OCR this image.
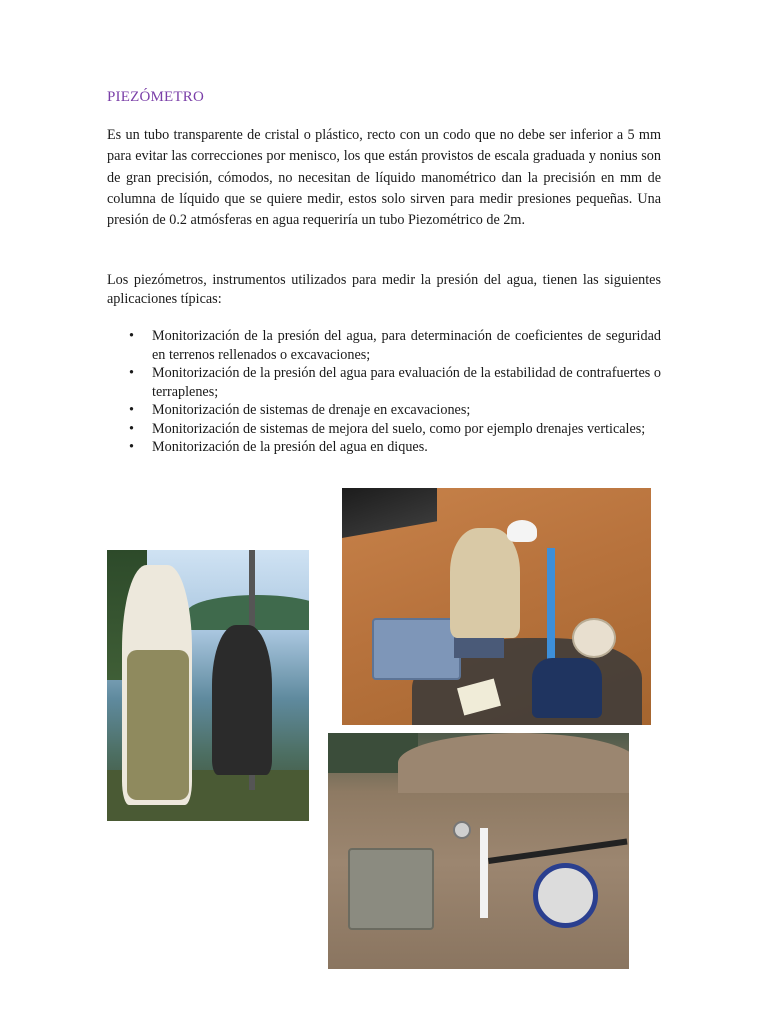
PIEZÓMETRO

Es un tubo transparente de cristal o plástico, recto con un codo que no debe ser inferior a 5 mm para evitar las correcciones por menisco, los que están provistos de escala graduada y nonius son de gran precisión, cómodos, no necesitan de líquido manométrico dan la precisión en mm de columna de líquido que se quiere medir, estos solo sirven para medir presiones pequeñas. Una presión de 0.2 atmósferas en agua requeriría un tubo Piezométrico de 2m.

Los piezómetros, instrumentos utilizados para medir la presión del agua, tienen las siguientes aplicaciones típicas:

• Monitorización de la presión del agua, para determinación de coeficientes de seguridad en terrenos rellenados o excavaciones;
• Monitorización de la presión del agua para evaluación de la estabilidad de contrafuertes o terraplenes;
• Monitorización de sistemas de drenaje en excavaciones;
• Monitorización de sistemas de mejora del suelo, como por ejemplo drenajes verticales;
• Monitorización de la presión del agua en diques.
